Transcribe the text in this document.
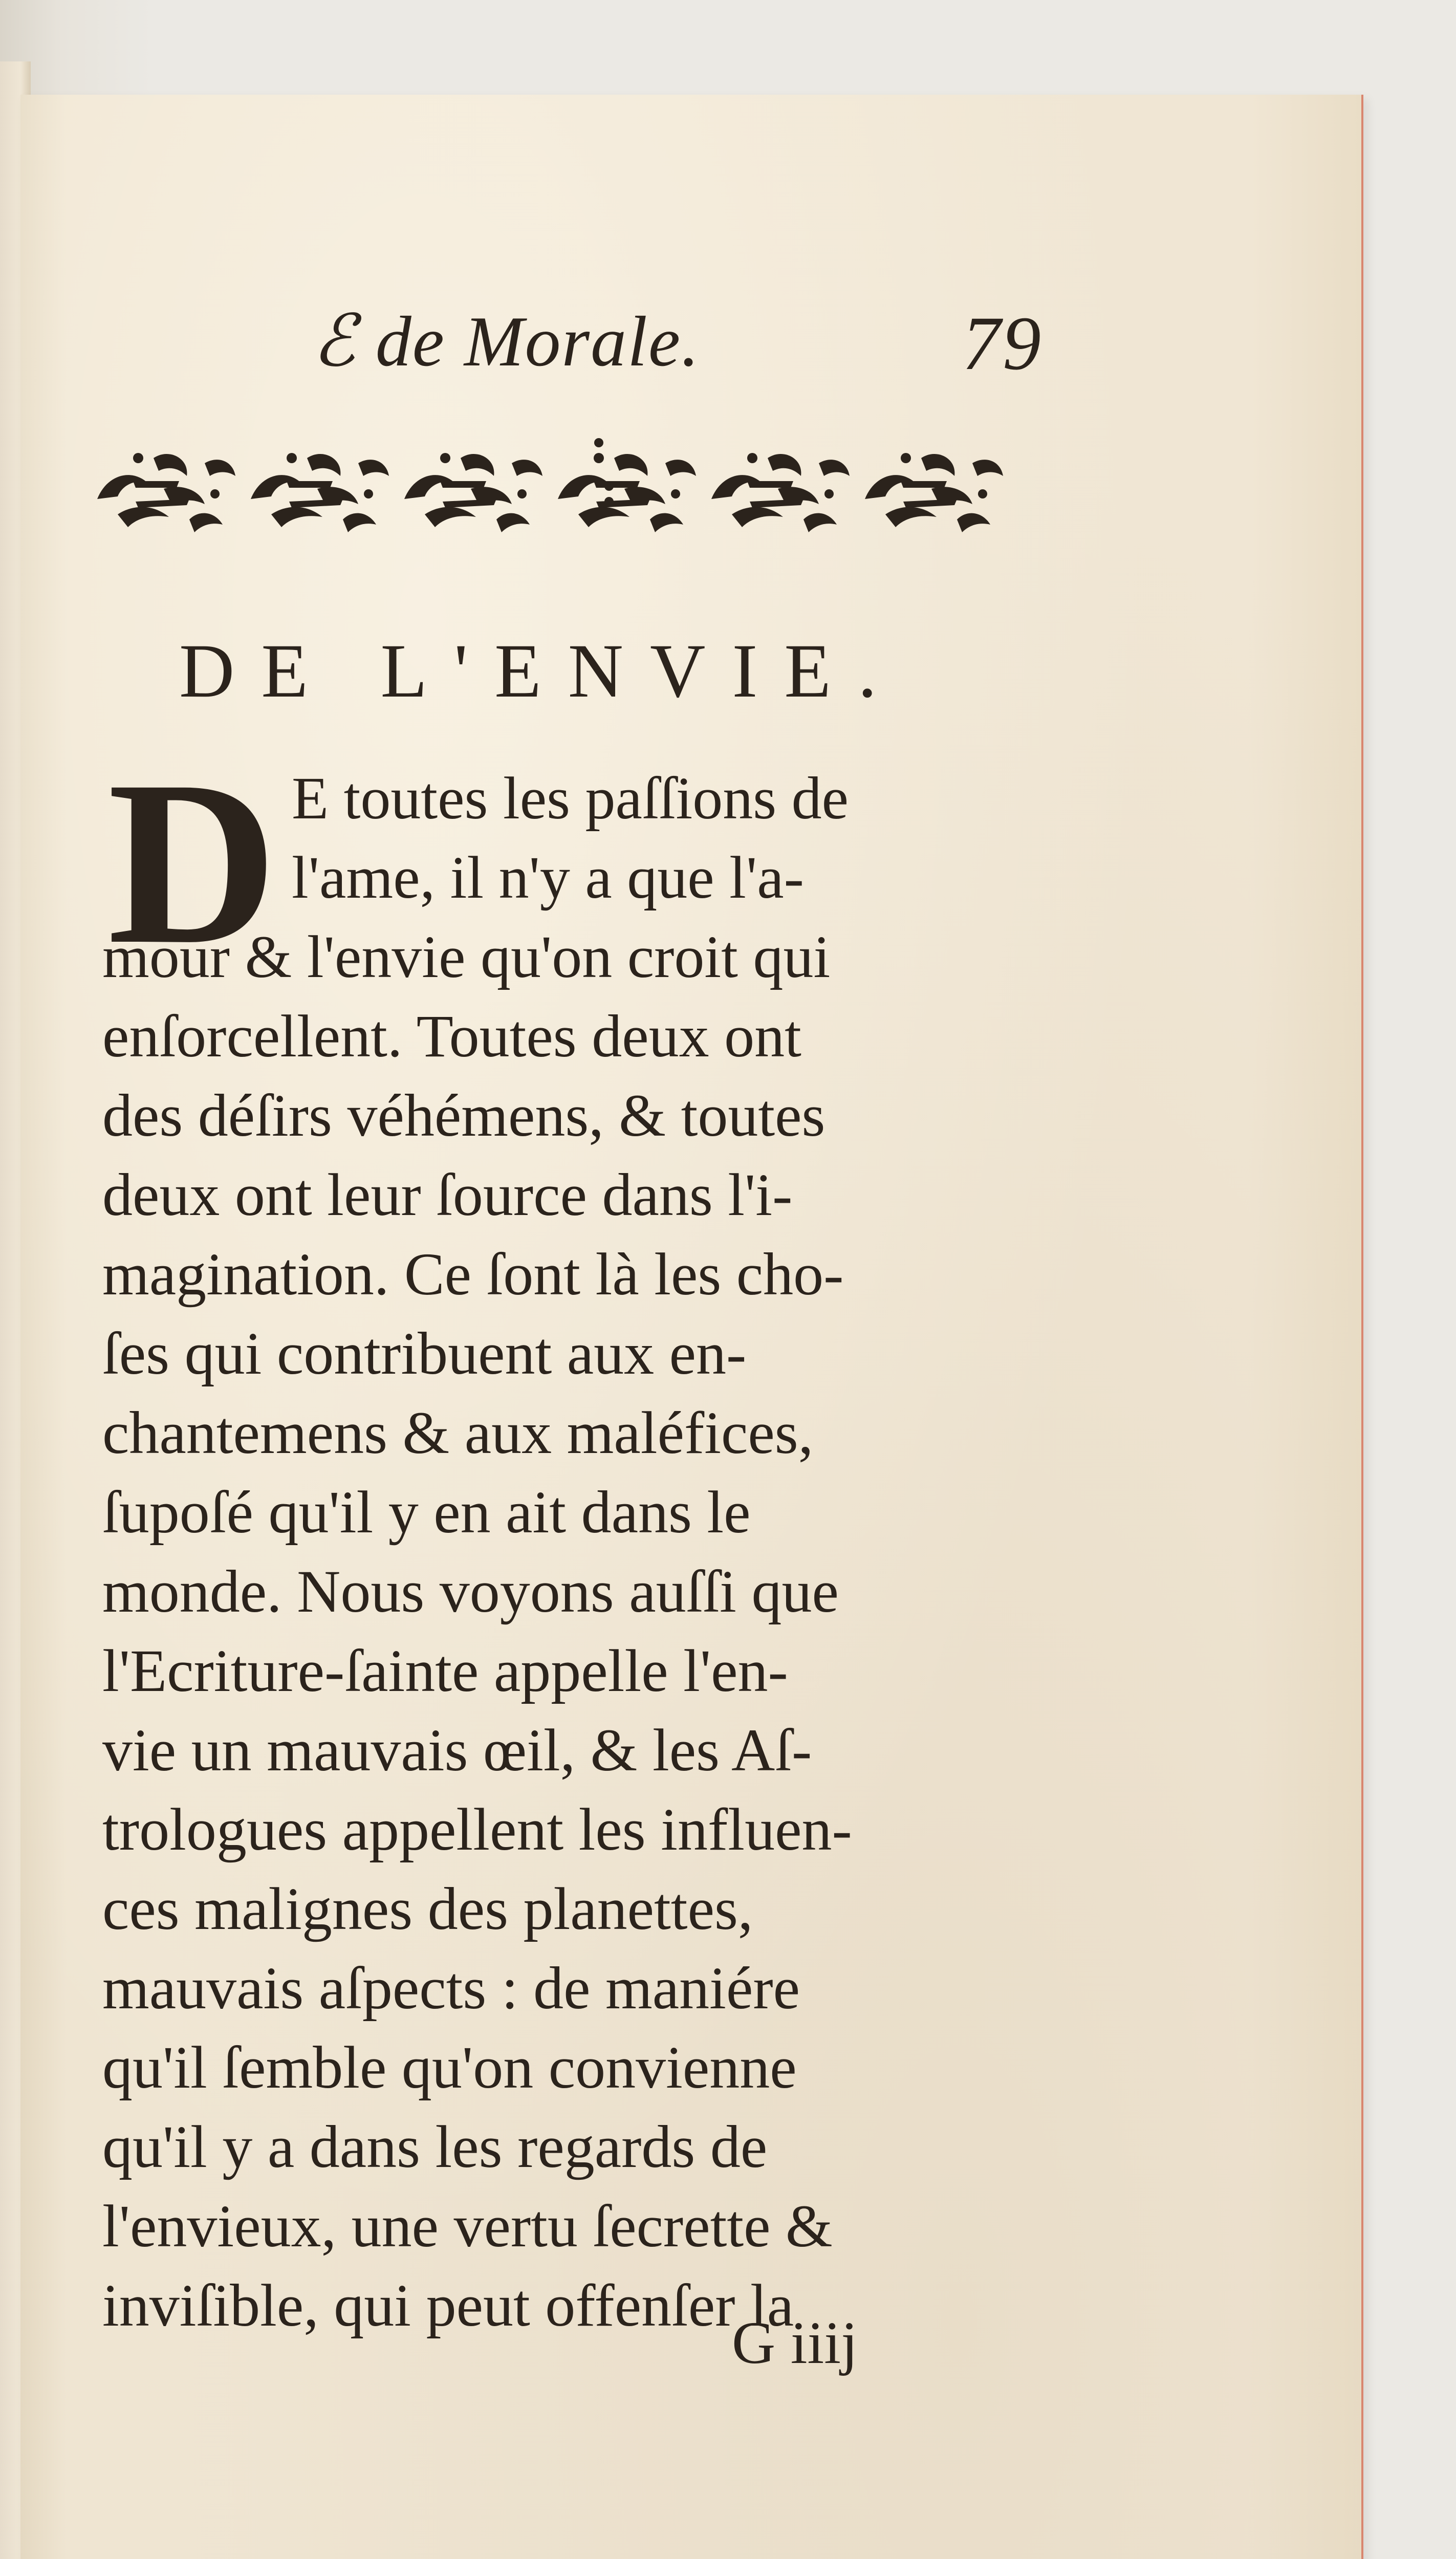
ℰ de Morale.	79
DE L'ENVIE.
D E toutes les paſſions de
l'ame, il n'y a que l'a-
mour & l'envie qu'on croit qui
enſorcellent. Toutes deux ont
des déſirs véhémens, & toutes
deux ont leur ſource dans l'i-
magination. Ce ſont là les cho-
ſes qui contribuent aux en-
chantemens & aux maléfices,
ſupoſé qu'il y en ait dans le
monde. Nous voyons auſſi que
l'Ecriture-ſainte appelle l'en-
vie un mauvais œil, & les Aſ-
trologues appellent les influen-
ces malignes des planettes,
mauvais aſpects : de maniére
qu'il ſemble qu'on convienne
qu'il y a dans les regards de
l'envieux, une vertu ſecrette &
inviſible, qui peut offenſer la
G iiij
